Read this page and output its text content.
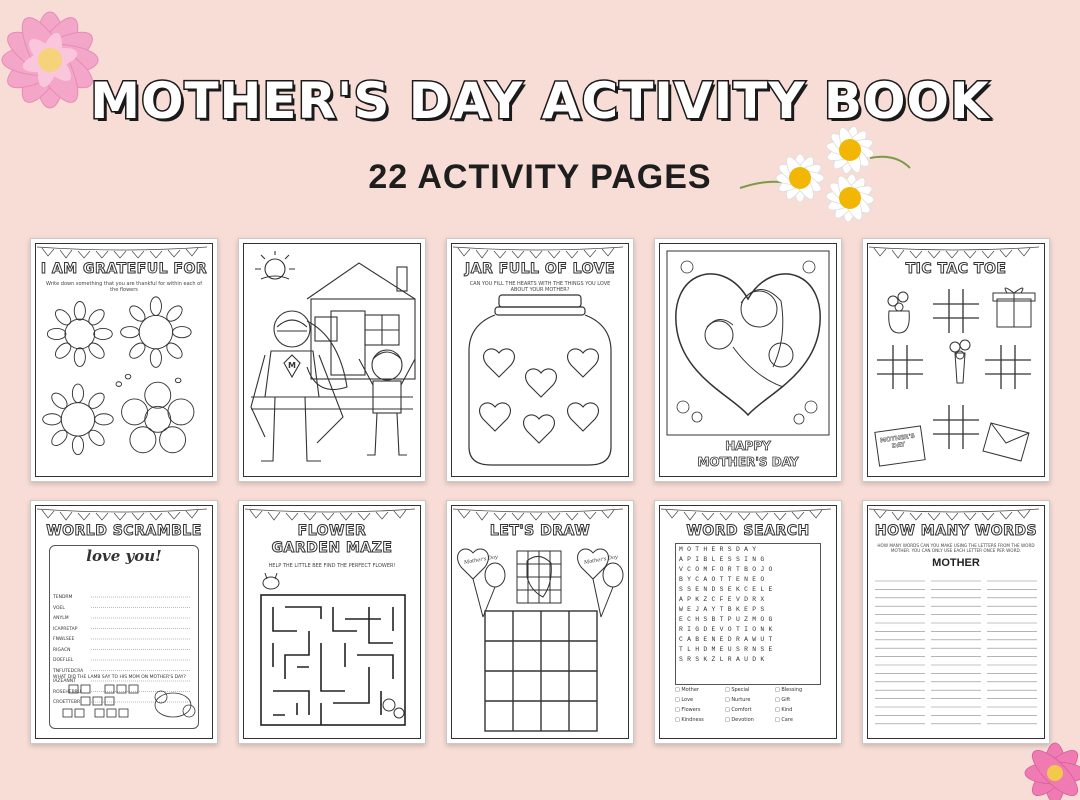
MOTHER'S DAY ACTIVITY BOOK
22 ACTIVITY PAGES
I AM GRATEFUL FOR
Write down something that you are thankful for within each of the flowers
M
JAR FULL OF LOVE
CAN YOU FILL THE HEARTS WITH THE THINGS YOU LOVE ABOUT YOUR MOTHER?
HAPPY
MOTHER'S DAY
TIC TAC TOE
MOTHER'S DAY
WORLD SCRAMBLE
love you!
TENDRM
VOEL
ANYLM
ICAPRETAP
FNWLSEE
RIGACN
DOEFLEL
TNFUTEDCRA
IAZEANNT
ROSEHEBRU
CROETTEBR
WHAT DID THE LAMB SAY TO HIS MOM ON MOTHER'S DAY?
FLOWER GARDEN MAZE
HELP THE LITTLE BEE FIND THE PERFECT FLOWER!
LET'S DRAW
Mother's Day	Mother's Day
WORD SEARCH
MOTHERSDAY
APIBLESSING
VCOMFORTBOJO
BYCAOTTENEO
SSENDSEKCELE
APKZCFEVDRX
WEJAYTBKEPS
ECHSBTPUZMOG
RIGDEVOTIONK
CABENEDRAWUT
TLHDMEUSRNSE
SRSKZLRAUDK
□ Mother	□ Special	□ Blessing
□ Love	□ Nurture	□ Gift
□ Flowers	□ Comfort	□ Kind
□ Kindness	□ Devotion	□ Care
HOW MANY WORDS
HOW MANY WORDS CAN YOU MAKE USING THE LETTERS FROM THE WORD MOTHER. YOU CAN ONLY USE EACH LETTER ONCE PER WORD.
MOTHER
